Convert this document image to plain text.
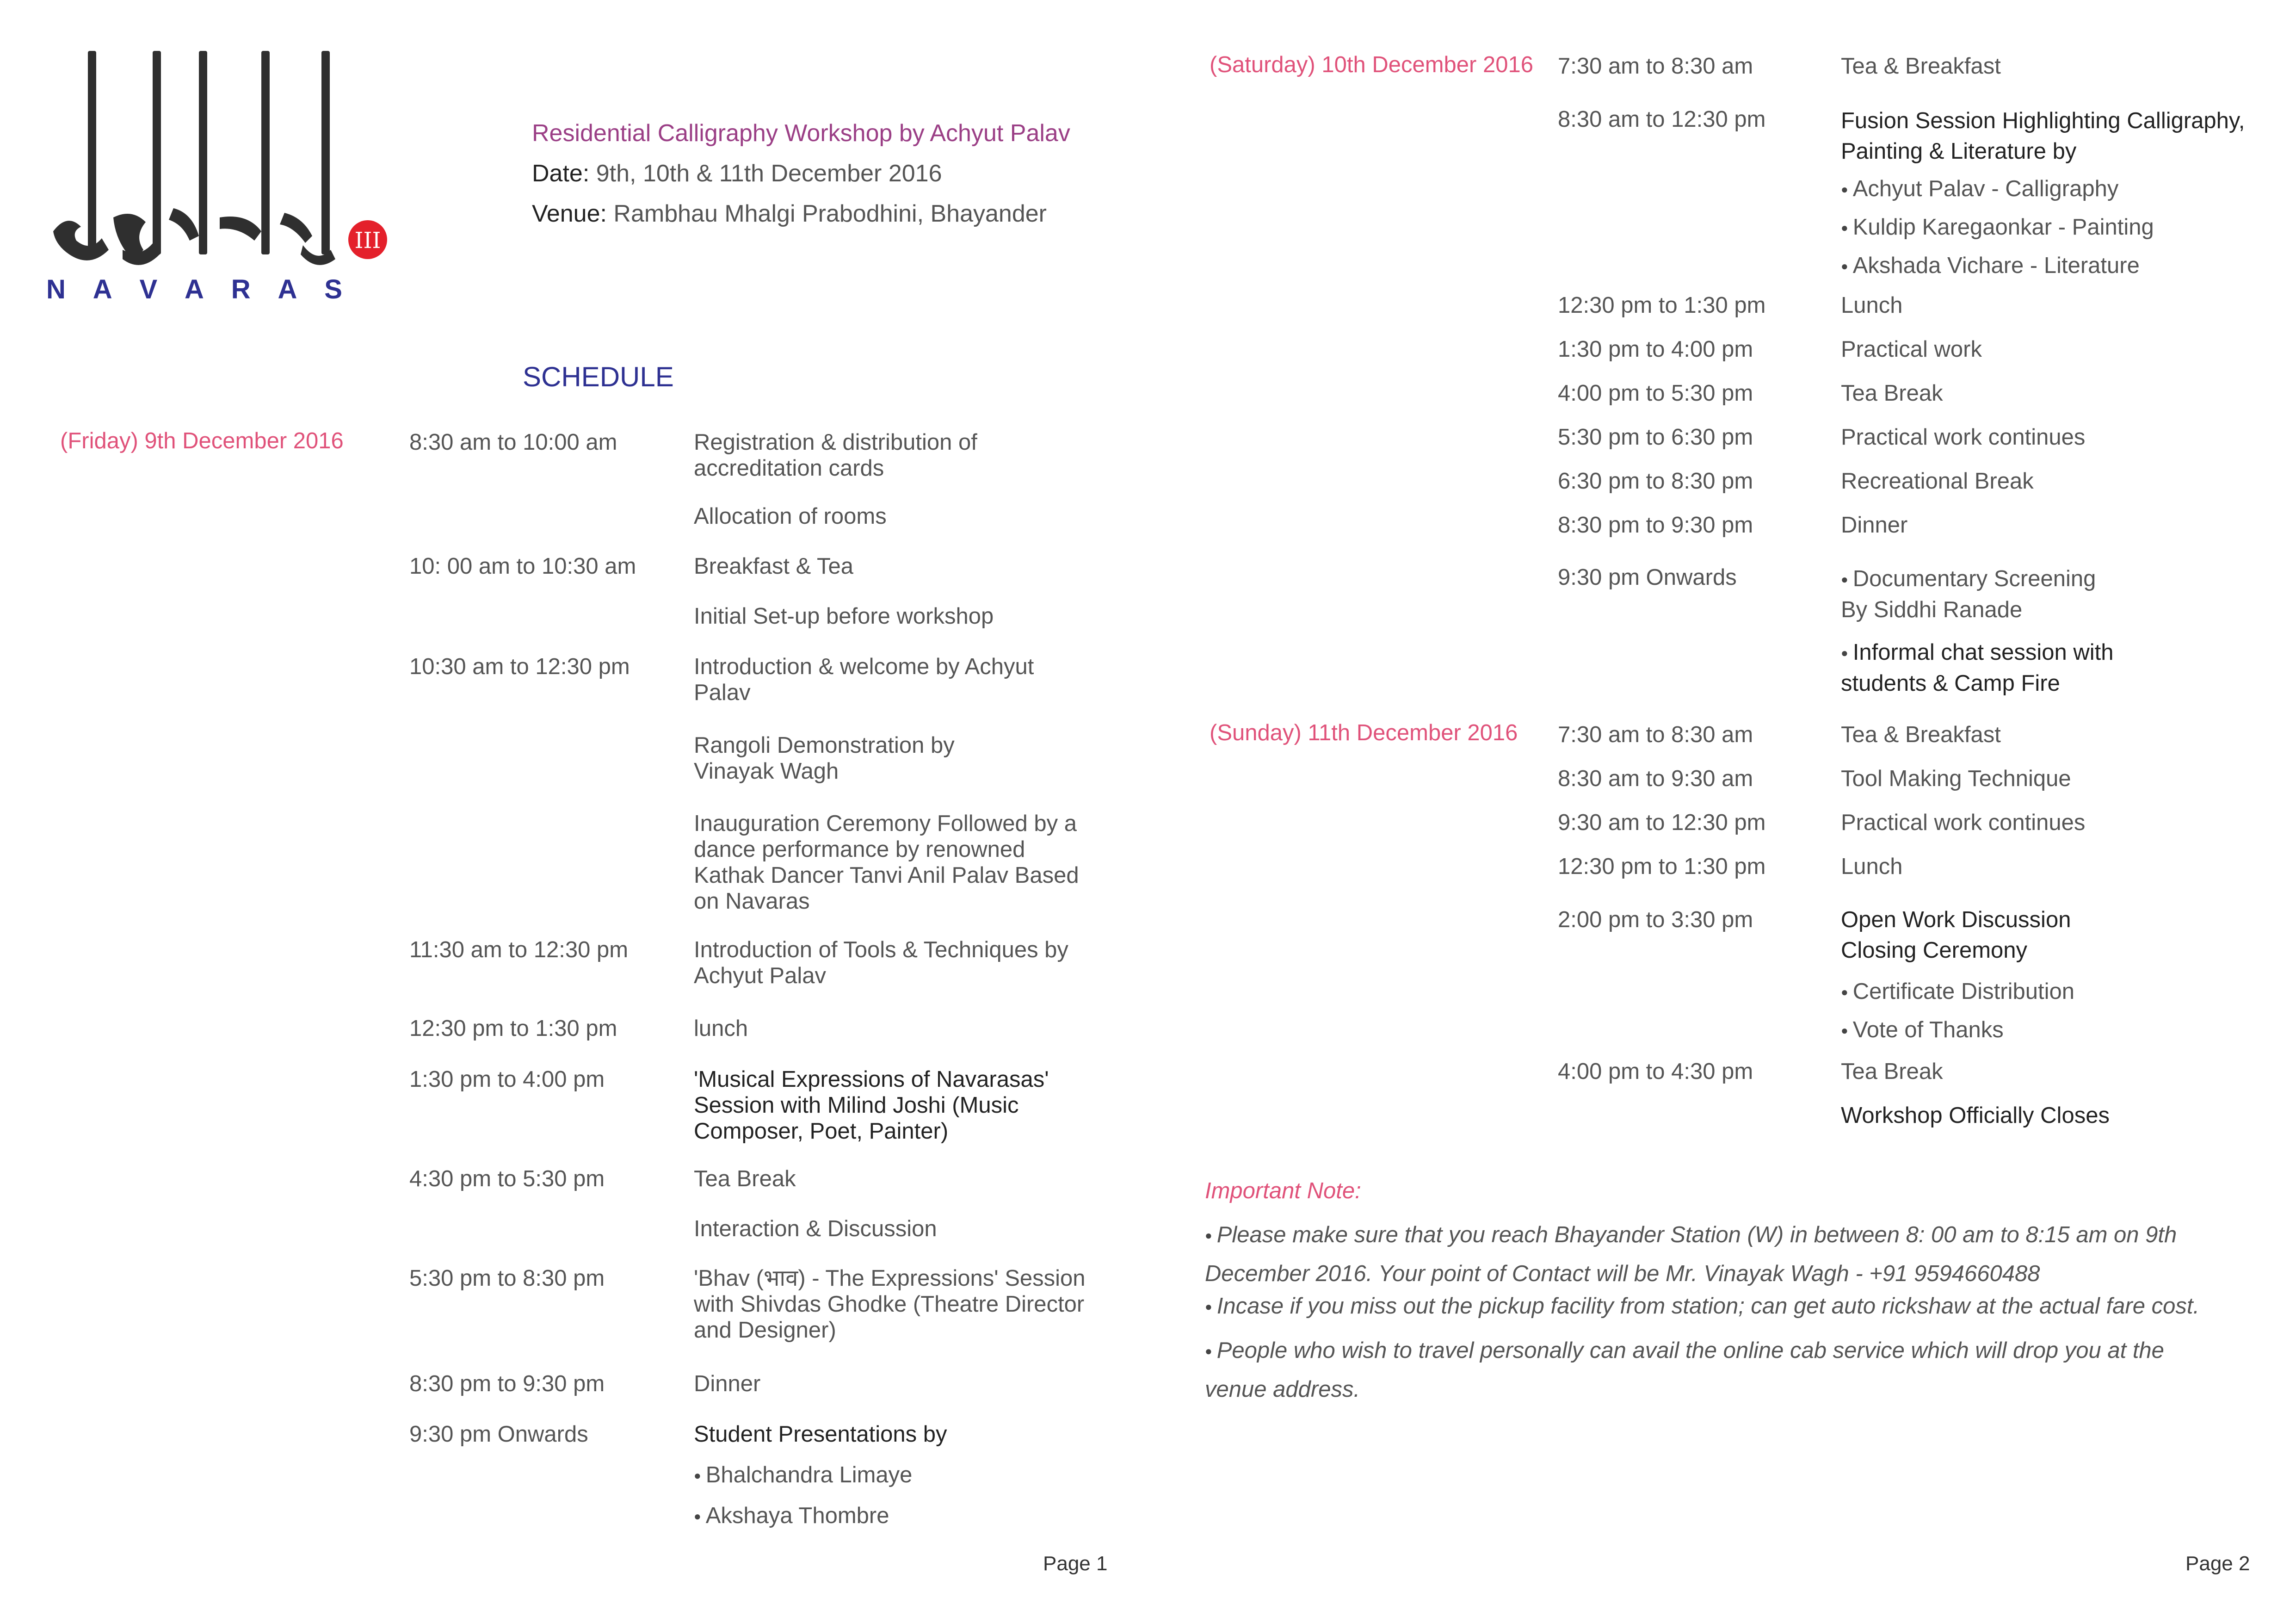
III
N A V A R A S
Residential Calligraphy Workshop by Achyut Palav
Date: 9th, 10th & 11th December 2016
Venue: Rambhau Mhalgi Prabodhini, Bhayander
SCHEDULE
(Friday) 9th December 2016	8:30 am to 10:00 am
10: 00 am to 10:30 am
10:30 am to 12:30 pm
11:30 am to 12:30 pm
12:30 pm to 1:30 pm
1:30 pm to 4:00 pm
4:30 pm to 5:30 pm
5:30 pm to 8:30 pm
8:30 pm to 9:30 pm
9:30 pm Onwards
Registration & distribution of accreditation cards
Allocation of rooms
Breakfast & Tea
Initial Set-up before workshop
Introduction & welcome by Achyut Palav
Rangoli Demonstration by Vinayak Wagh
Inauguration Ceremony Followed by a dance performance by renowned Kathak Dancer Tanvi Anil Palav Based on Navaras
Introduction of Tools & Techniques by Achyut Palav
lunch
'Musical Expressions of Navarasas' Session with Milind Joshi (Music Composer, Poet, Painter)
Tea Break
Interaction & Discussion
'Bhav (भाव) - The Expressions' Session with Shivdas Ghodke (Theatre Director and Designer)
Dinner
Student Presentations by
● Bhalchandra Limaye
● Akshaya Thombre
Page 1
(Saturday) 10th December 2016 7:30 am to 8:30 am
8:30 am to 12:30 pm
12:30 pm to 1:30 pm
1:30 pm to 4:00 pm
4:00 pm to 5:30 pm
5:30 pm to 6:30 pm
6:30 pm to 8:30 pm
8:30 pm to 9:30 pm
9:30 pm Onwards
Tea & Breakfast
Fusion Session Highlighting Calligraphy, Painting & Literature by
● Achyut Palav - Calligraphy
● Kuldip Karegaonkar - Painting
● Akshada Vichare - Literature
Lunch
Practical work
Tea Break
Practical work continues
Recreational Break
Dinner
● Documentary Screening By Siddhi Ranade
● Informal chat session with students & Camp Fire
(Sunday) 11th December 2016 7:30 am to 8:30 am
8:30 am to 9:30 am
9:30 am to 12:30 pm
12:30 pm to 1:30 pm
2:00 pm to 3:30 pm
4:00 pm to 4:30 pm
Tea & Breakfast
Tool Making Technique
Practical work continues
Lunch
Open Work Discussion
Closing Ceremony
● Certificate Distribution
● Vote of Thanks
Tea Break
Workshop Officially Closes
Important Note:
● Please make sure that you reach Bhayander Station (W) in between 8: 00 am to 8:15 am on 9th December 2016. Your point of Contact will be Mr. Vinayak Wagh - +91 9594660488
● Incase if you miss out the pickup facility from station; can get auto rickshaw at the actual fare cost.
● People who wish to travel personally can avail the online cab service which will drop you at the venue address.
Page 2
